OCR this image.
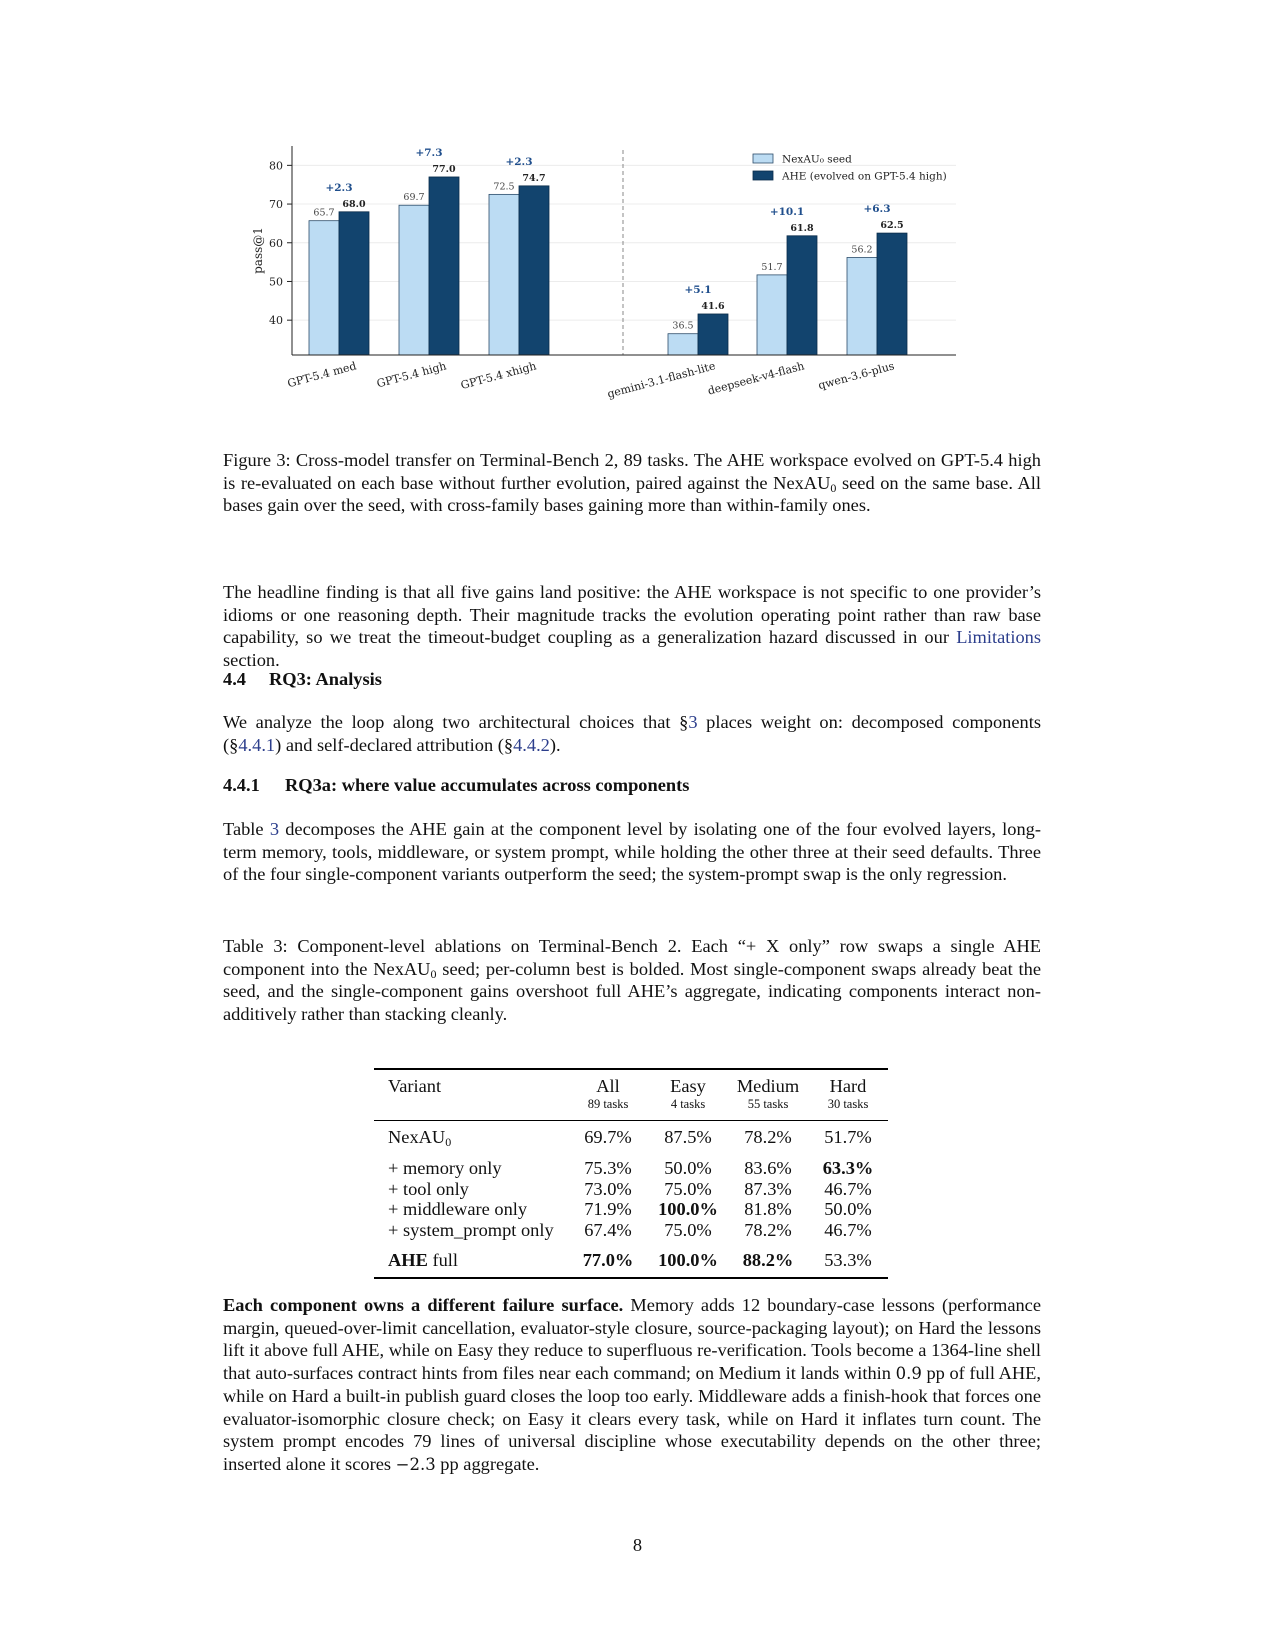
40
50
60
70
80
65.7
68.0
+2.3
GPT-5.4 med
69.7
77.0
+7.3
GPT-5.4 high
72.5
74.7
+2.3
GPT-5.4 xhigh
36.5
41.6
+5.1
gemini-3.1-flash-lite
51.7
61.8
+10.1
deepseek-v4-flash
56.2
62.5
+6.3
qwen-3.6-plus
pass@1
NexAU₀ seed
AHE (evolved on GPT-5.4 high)

Figure 3: Cross-model transfer on Terminal-Bench 2, 89 tasks. The AHE workspace evolved on GPT-5.4 high is re-evaluated on each base without further evolution, paired against the NexAU$_0$ seed on the same base. All bases gain over the seed, with cross-family bases gaining more than within-family ones.

The headline finding is that all five gains land positive: the AHE workspace is not specific to one provider’s idioms or one reasoning depth. Their magnitude tracks the evolution operating point rather than raw base capability, so we treat the timeout-budget coupling as a generalization hazard discussed in our Limitations section.

4.4 RQ3: Analysis

We analyze the loop along two architectural choices that §3 places weight on: decomposed components (§4.4.1) and self-declared attribution (§4.4.2).

4.4.1 RQ3a: where value accumulates across components

Table 3 decomposes the AHE gain at the component level by isolating one of the four evolved layers, long-term memory, tools, middleware, or system prompt, while holding the other three at their seed defaults. Three of the four single-component variants outperform the seed; the system-prompt swap is the only regression.

Table 3: Component-level ablations on Terminal-Bench 2. Each “+ X only” row swaps a single AHE component into the NexAU$_0$ seed; per-column best is bolded. Most single-component swaps already beat the seed, and the single-component gains overshoot full AHE’s aggregate, indicating components interact non-additively rather than stacking cleanly.

Variant	All	Easy	Medium	Hard
	89 tasks	4 tasks	55 tasks	30 tasks
NexAU$_0$	69.7%	87.5%	78.2%	51.7%
+ memory only	75.3%	50.0%	83.6%	63.3%
+ tool only	73.0%	75.0%	87.3%	46.7%
+ middleware only	71.9%	100.0%	81.8%	50.0%
+ system_prompt only	67.4%	75.0%	78.2%	46.7%
AHE full	77.0%	100.0%	88.2%	53.3%

Each component owns a different failure surface. Memory adds 12 boundary-case lessons (performance margin, queued-over-limit cancellation, evaluator-style closure, source-packaging layout); on Hard the lessons lift it above full AHE, while on Easy they reduce to superfluous re-verification. Tools become a 1364-line shell that auto-surfaces contract hints from files near each command; on Medium it lands within 0.9 pp of full AHE, while on Hard a built-in publish guard closes the loop too early. Middleware adds a finish-hook that forces one evaluator-isomorphic closure check; on Easy it clears every task, while on Hard it inflates turn count. The system prompt encodes 79 lines of universal discipline whose executability depends on the other three; inserted alone it scores −2.3 pp aggregate.

8
